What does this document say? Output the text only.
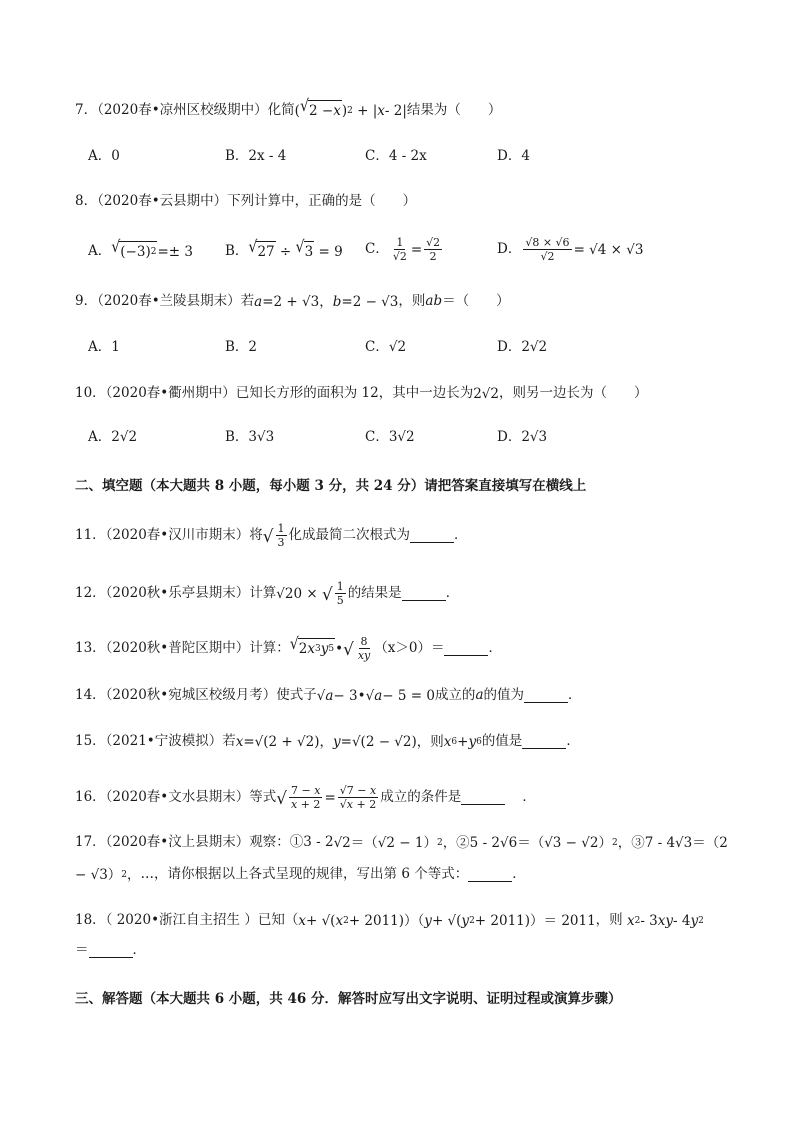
7．（2020春•凉州区校级期中）化简( √ 2 − x ) 2 + | x - 2|结果为（　　）
A．0	B．2x - 4	C．4 - 2x	D．4
8．（2020春•云县期中）下列计算中，正确的是（　　）
A． √ (−3) 2 =± 3 B． √ 27 ÷ √ 3 = 9 C． $\frac{1}{√2} = \frac{√2}{2}$	D． $\frac{√8 \times √6}{√2} = √4 \times √3$
9．（2020春•兰陵县期末）若 a =2 + √3， b =2 − √3，则ab＝（　　）
A．1	B．2	C．√2	D．2√2
10．（2020春•衢州期中）已知长方形的面积为 12，其中一边长为2√2，则另一边长为（　　）
A．2√2	B．3√3	C．3√2	D．2√3
二、填空题（本大题共 8 小题，每小题 3 分，共 24 分）请把答案直接填写在横线上
11．（2020春•汉川市期末）将 √ $\frac{1}{3}$ 化成最简二次根式为	．
12．（2020秋•乐亭县期末）计算√20 × √ $\frac{1}{5}$ 的结果是	．
13．（2020秋•普陀区期中）计算： √ 2 x 3 y 5 • √ $\frac{8}{xy} (x>0)=$	．
14．（2020秋•宛城区校级月考）使式子√ a − 3•√ a − 5 = 0成立的a的值为	．
15．（2021•宁波模拟）若 x =√(2 + √2)， y =√(2 − √2)，则 x 6 + y 6 的值是	．
16．（2020春•文水县期末）等式 √ $\frac{7 - x}{x + 2} = \frac{√7 - x}{√x + 2}$ 成立的条件是	．
17．（2020春•汶上县期末）观察：①3 - 2√2＝（√2 − 1） 2 ，②5 - 2√6＝（√3 − √2） 2 ，③7 - 4√3＝（2
− √3） 2 ，…，请你根据以上各式呈现的规律，写出第 6 个等式：	．
18．（ 2020•浙江自主招生 ）已知（ x + √( x 2 + 2011)）（ y + √( y 2 + 2011)）＝ 2011，则 x 2 - 3 xy - 4 y 2
＝	．
三、解答题（本大题共 6 小题，共 46 分．解答时应写出文字说明、证明过程或演算步骤）
